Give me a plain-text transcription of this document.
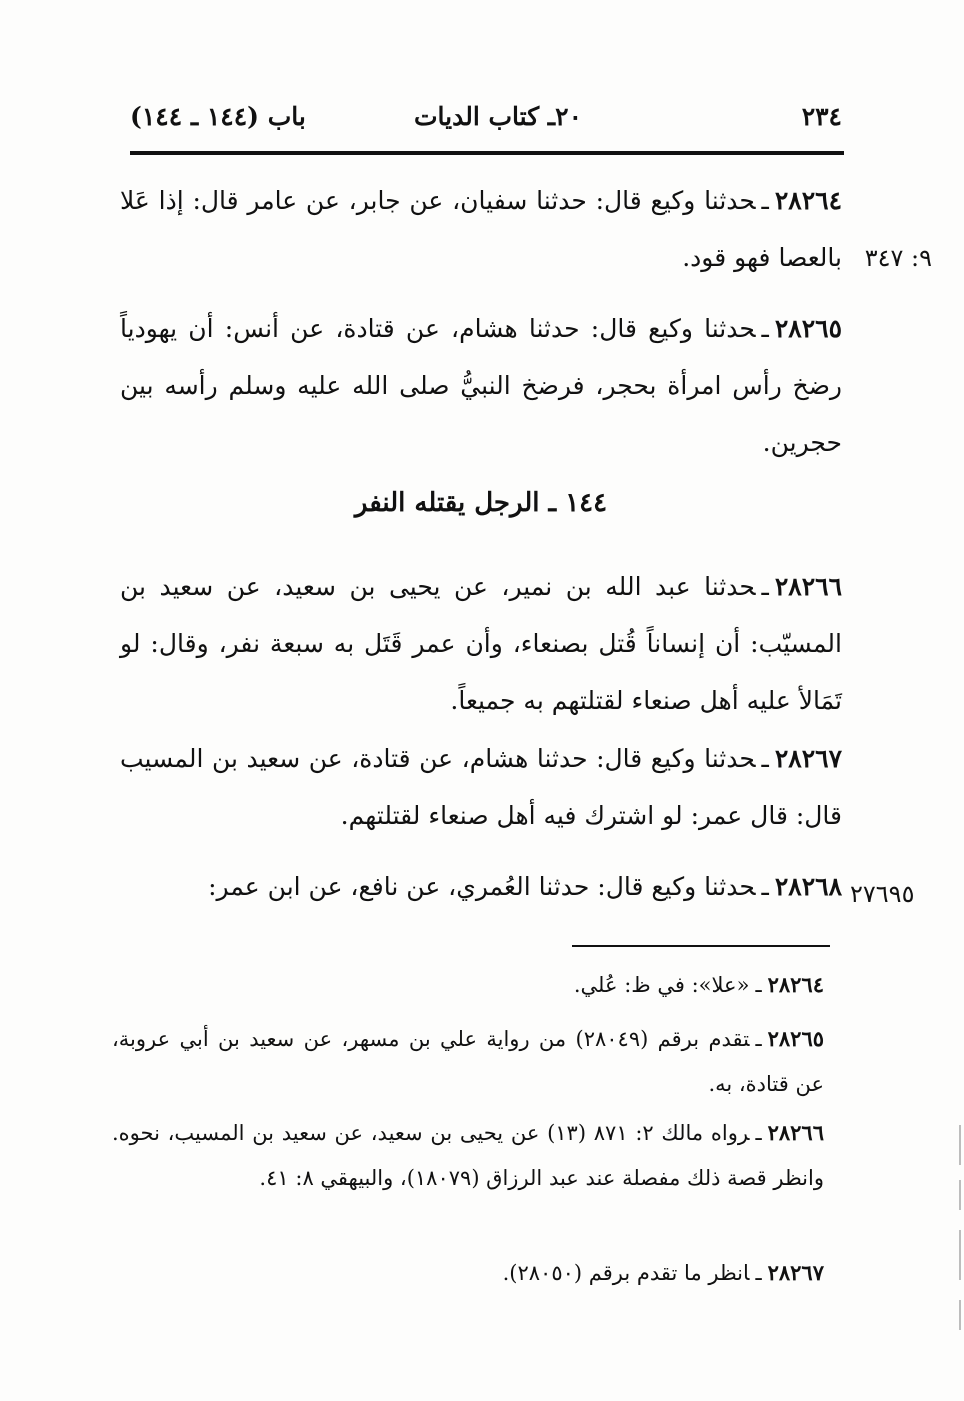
٢٣٤
٢٠ـ كتاب الديات
باب (١٤٤ ـ ١٤٤)
٢٨٢٦٤ـحدثنا وكيع قال: حدثنا سفيان، عن جابر، عن عامر قال: إذا عَلا بالعصا فهو قود. ٩: ٣٤٧
٢٨٢٦٥ـحدثنا وكيع قال: حدثنا هشام، عن قتادة، عن أنس: أن يهودياً رضخ رأس امرأة بحجر، فرضخ النبيُّ صلى الله عليه وسلم رأسه بين حجرين.
١٤٤ ـ الرجل يقتله النفر
٢٨٢٦٦ـحدثنا عبد الله بن نمير، عن يحيى بن سعيد، عن سعيد بن المسيّب: أن إنساناً قُتل بصنعاء، وأن عمر قَتَل به سبعة نفر، وقال: لو تَمَالأ عليه أهل صنعاء لقتلتهم به جميعاً.
٢٨٢٦٧ـحدثنا وكيع قال: حدثنا هشام، عن قتادة، عن سعيد بن المسيب قال: قال عمر: لو اشترك فيه أهل صنعاء لقتلتهم.
٢٨٢٦٨ـحدثنا وكيع قال: حدثنا العُمري، عن نافع، عن ابن عمر:	٢٧٦٩٥
٢٨٢٦٤ـ«علا»: في ظ: عُلي.
٢٨٢٦٥ـتقدم برقم (٢٨٠٤٩) من رواية علي بن مسهر، عن سعيد بن أبي عروبة، عن قتادة، به.
٢٨٢٦٦ـرواه مالك ٢: ٨٧١ (١٣) عن يحيى بن سعيد، عن سعيد بن المسيب، نحوه. وانظر قصة ذلك مفصلة عند عبد الرزاق (١٨٠٧٩)، والبيهقي ٨: ٤١.
٢٨٢٦٧ـانظر ما تقدم برقم (٢٨٠٥٠).
